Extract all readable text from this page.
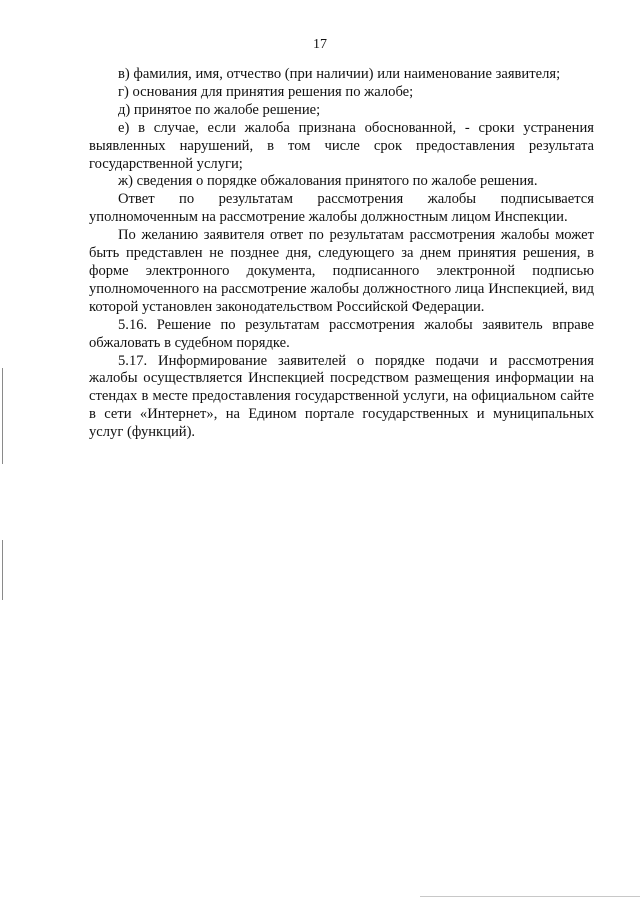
17

в) фамилия, имя, отчество (при наличии) или наименование заявителя;

г) основания для принятия решения по жалобе;

д) принятое по жалобе решение;

е) в случае, если жалоба признана обоснованной, - сроки устранения выявленных нарушений, в том числе срок предоставления результата государственной услуги;

ж) сведения о порядке обжалования принятого по жалобе решения.

Ответ по результатам рассмотрения жалобы подписывается уполномоченным на рассмотрение жалобы должностным лицом Инспекции.

По желанию заявителя ответ по результатам рассмотрения жалобы может быть представлен не позднее дня, следующего за днем принятия решения, в форме электронного документа, подписанного электронной подписью уполномоченного на рассмотрение жалобы должностного лица Инспекцией, вид которой установлен законодательством Российской Федерации.

5.16. Решение по результатам рассмотрения жалобы заявитель вправе обжаловать в судебном порядке.

5.17. Информирование заявителей о порядке подачи и рассмотрения жалобы осуществляется Инспекцией посредством размещения информации на стендах в месте предоставления государственной услуги, на официальном сайте в сети «Интернет», на Едином портале государственных и муниципальных услуг (функций).
